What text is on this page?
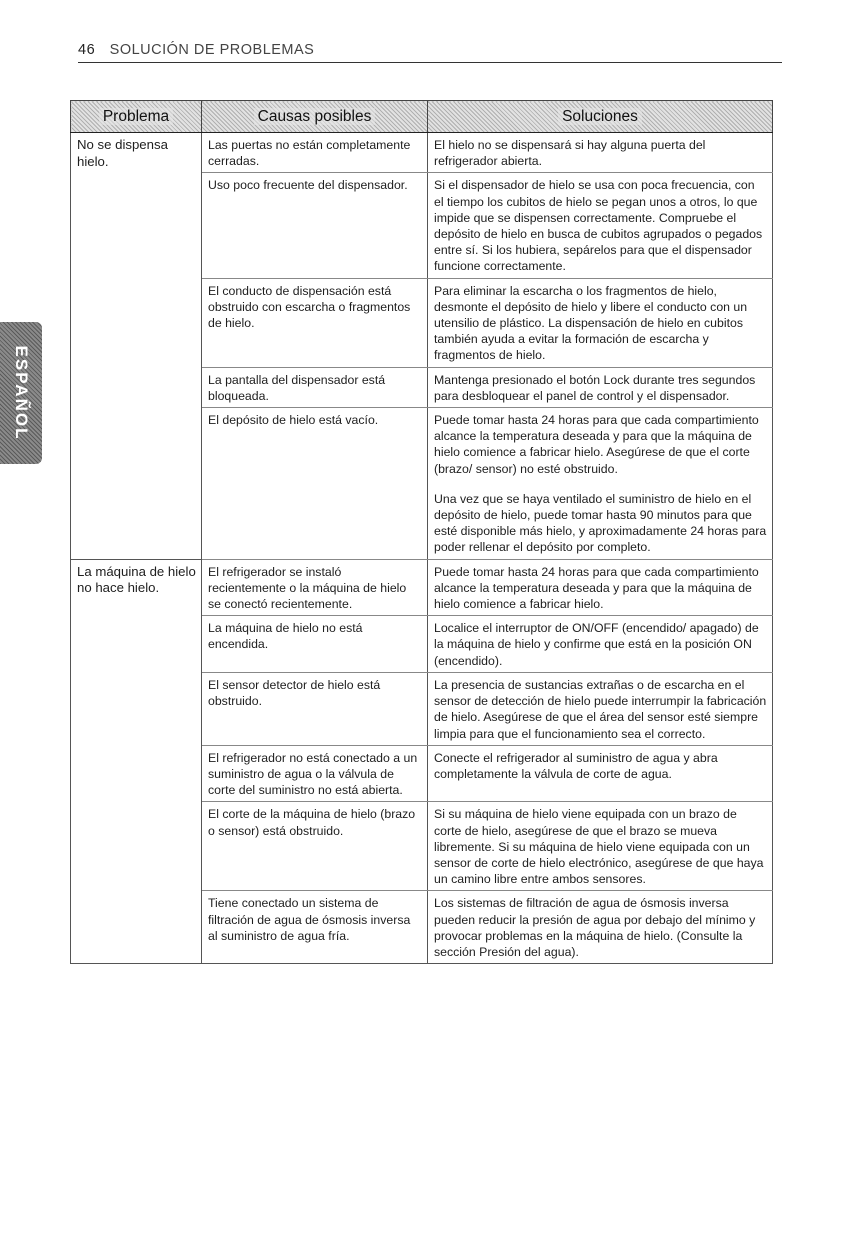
46 SOLUCIÓN DE PROBLEMAS
ESPAÑOL
Problema	Causas posibles	Soluciones
No se dispensa hielo.	Las puertas no están completamente cerradas.	El hielo no se dispensará si hay alguna puerta del refrigerador abierta.
	Uso poco frecuente del dispensador.	Si el dispensador de hielo se usa con poca frecuencia, con el tiempo los cubitos de hielo se pegan unos a otros, lo que impide que se dispensen correctamente. Compruebe el depósito de hielo en busca de cubitos agrupados o pegados entre sí. Si los hubiera, sepárelos para que el dispensador funcione correctamente.
	El conducto de dispensación está obstruido con escarcha o fragmentos de hielo.	Para eliminar la escarcha o los fragmentos de hielo, desmonte el depósito de hielo y libere el conducto con un utensilio de plástico. La dispensación de hielo en cubitos también ayuda a evitar la formación de escarcha y fragmentos de hielo.
	La pantalla del dispensador está bloqueada.	Mantenga presionado el botón Lock durante tres segundos para desbloquear el panel de control y el dispensador.
	El depósito de hielo está vacío.	Puede tomar hasta 24 horas para que cada compartimiento alcance la temperatura deseada y para que la máquina de hielo comience a fabricar hielo. Asegúrese de que el corte (brazo/ sensor) no esté obstruido.
Una vez que se haya ventilado el suministro de hielo en el depósito de hielo, puede tomar hasta 90 minutos para que esté disponible más hielo, y aproximadamente 24 horas para poder rellenar el depósito por completo.

La máquina de hielo no hace hielo.	El refrigerador se instaló recientemente o la máquina de hielo se conectó recientemente.	Puede tomar hasta 24 horas para que cada compartimiento alcance la temperatura deseada y para que la máquina de hielo comience a fabricar hielo.
	La máquina de hielo no está encendida.	Localice el interruptor de ON/OFF (encendido/ apagado) de la máquina de hielo y confirme que está en la posición ON (encendido).
	El sensor detector de hielo está obstruido.	La presencia de sustancias extrañas o de escarcha en el sensor de detección de hielo puede interrumpir la fabricación de hielo. Asegúrese de que el área del sensor esté siempre limpia para que el funcionamiento sea el correcto.
	El refrigerador no está conectado a un suministro de agua o la válvula de corte del suministro no está abierta.	Conecte el refrigerador al suministro de agua y abra completamente la válvula de corte de agua.
	El corte de la máquina de hielo (brazo o sensor) está obstruido.	Si su máquina de hielo viene equipada con un brazo de corte de hielo, asegúrese de que el brazo se mueva libremente. Si su máquina de hielo viene equipada con un sensor de corte de hielo electrónico, asegúrese de que haya un camino libre entre ambos sensores.
	Tiene conectado un sistema de filtración de agua de ósmosis inversa al suministro de agua fría.	Los sistemas de filtración de agua de ósmosis inversa pueden reducir la presión de agua por debajo del mínimo y provocar problemas en la máquina de hielo. (Consulte la sección Presión del agua).
